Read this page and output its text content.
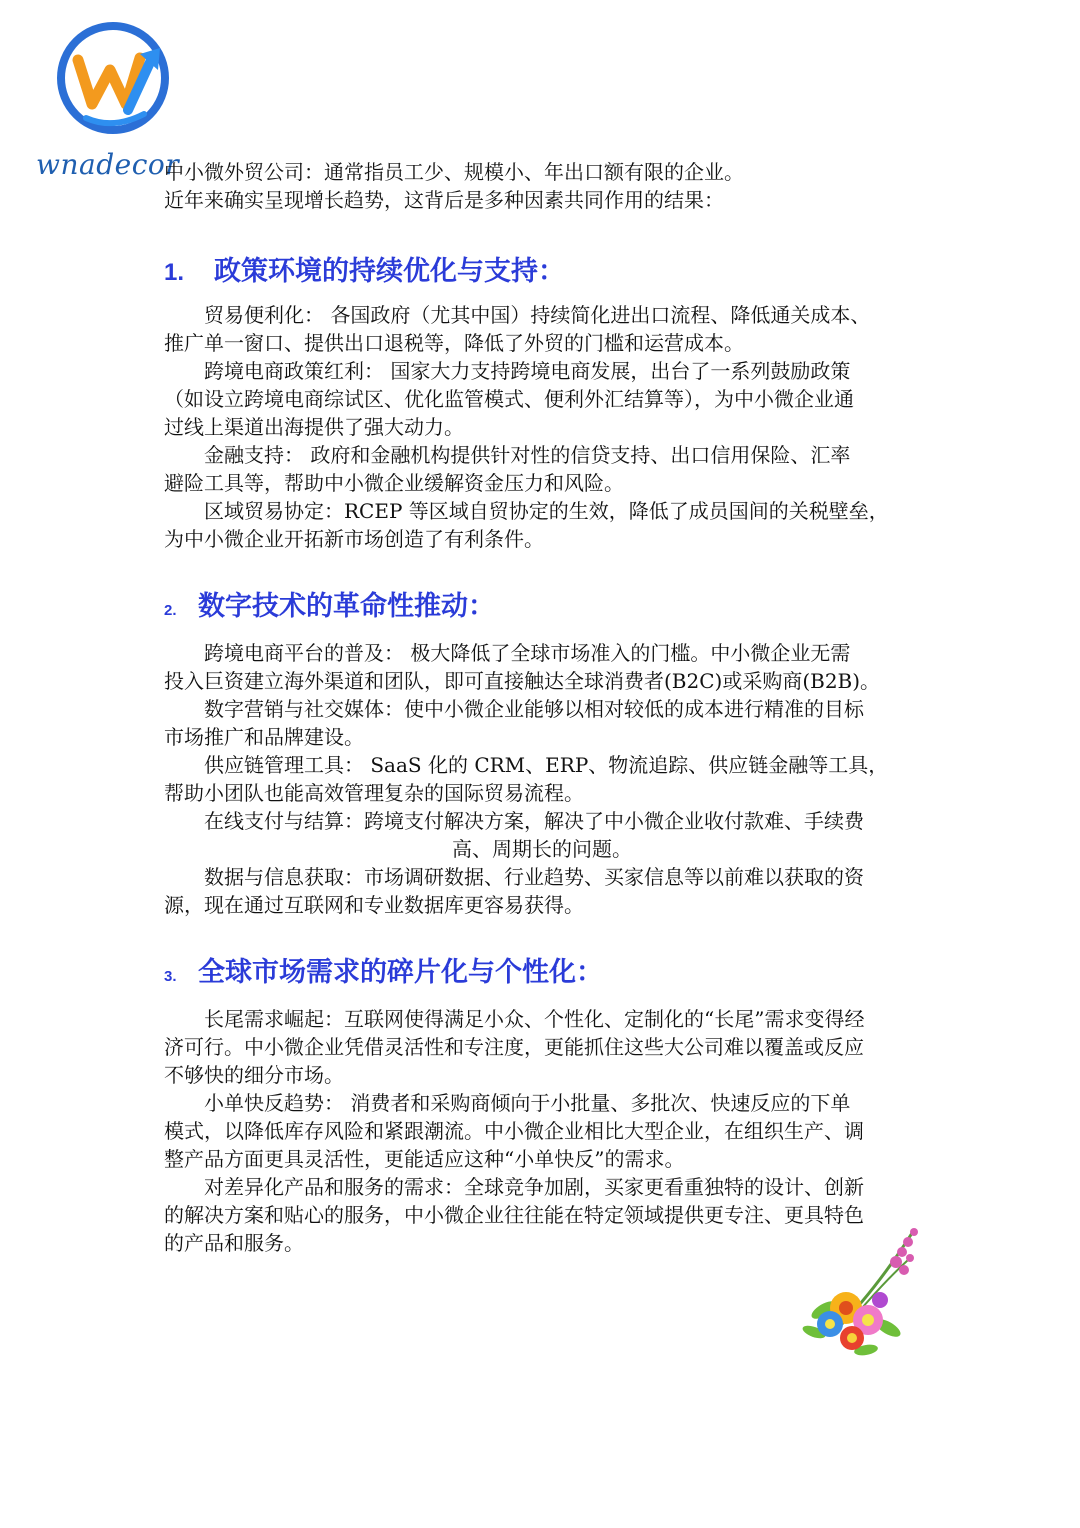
wnadecor

中小微外贸公司：通常指员工少、规模小、年出口额有限的企业。

近年来确实呈现增长趋势，这背后是多种因素共同作用的结果：

1. 政策环境的持续优化与支持：

贸易便利化： 各国政府（尤其中国）持续简化进出口流程、降低通关成本、

推广单一窗口、提供出口退税等，降低了外贸的门槛和运营成本。

跨境电商政策红利： 国家大力支持跨境电商发展，出台了一系列鼓励政策

（如设立跨境电商综试区、优化监管模式、便利外汇结算等），为中小微企业通

过线上渠道出海提供了强大动力。

金融支持： 政府和金融机构提供针对性的信贷支持、出口信用保险、汇率

避险工具等，帮助中小微企业缓解资金压力和风险。

区域贸易协定：RCEP 等区域自贸协定的生效，降低了成员国间的关税壁垒，

为中小微企业开拓新市场创造了有利条件。

2. 数字技术的革命性推动：

跨境电商平台的普及： 极大降低了全球市场准入的门槛。中小微企业无需

投入巨资建立海外渠道和团队，即可直接触达全球消费者(B2C)或采购商(B2B)。

数字营销与社交媒体：使中小微企业能够以相对较低的成本进行精准的目标

市场推广和品牌建设。

供应链管理工具： SaaS 化的 CRM、ERP、物流追踪、供应链金融等工具，

帮助小团队也能高效管理复杂的国际贸易流程。

在线支付与结算：跨境支付解决方案，解决了中小微企业收付款难、手续费

高、周期长的问题。

数据与信息获取：市场调研数据、行业趋势、买家信息等以前难以获取的资

源，现在通过互联网和专业数据库更容易获得。

3. 全球市场需求的碎片化与个性化：

长尾需求崛起：互联网使得满足小众、个性化、定制化的“长尾”需求变得经

济可行。中小微企业凭借灵活性和专注度，更能抓住这些大公司难以覆盖或反应

不够快的细分市场。

小单快反趋势： 消费者和采购商倾向于小批量、多批次、快速反应的下单

模式，以降低库存风险和紧跟潮流。中小微企业相比大型企业，在组织生产、调

整产品方面更具灵活性，更能适应这种“小单快反”的需求。

对差异化产品和服务的需求：全球竞争加剧，买家更看重独特的设计、创新

的解决方案和贴心的服务，中小微企业往往能在特定领域提供更专注、更具特色

的产品和服务。
